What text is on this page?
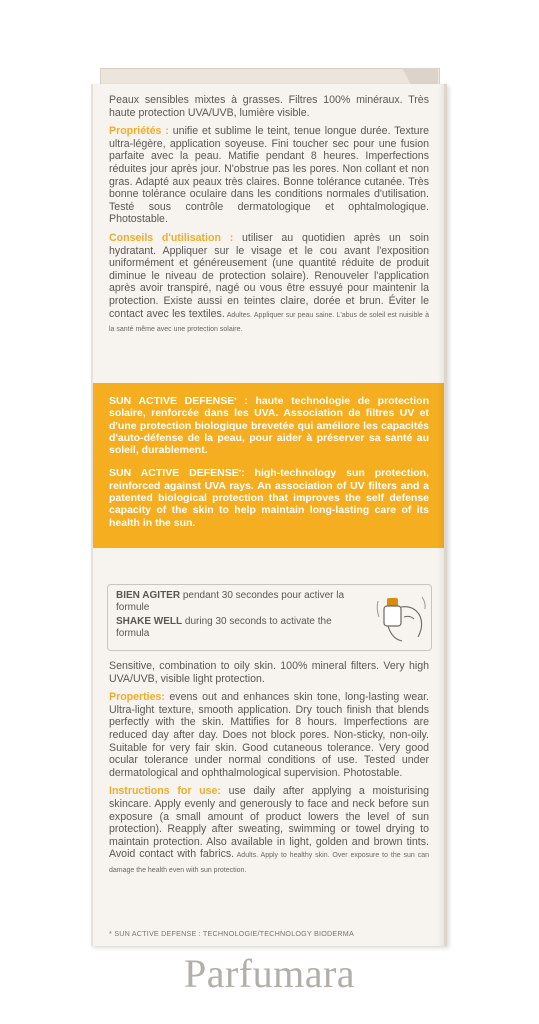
Peaux sensibles mixtes à grasses. Filtres 100% minéraux. Très haute protection UVA/UVB, lumière visible.

Propriétés : unifie et sublime le teint, tenue longue durée. Texture ultra-légère, application soyeuse. Fini toucher sec pour une fusion parfaite avec la peau. Matifie pendant 8 heures. Imperfections réduites jour après jour. N'obstrue pas les pores. Non collant et non gras. Adapté aux peaux très claires. Bonne tolérance cutanée. Très bonne tolérance oculaire dans les conditions normales d'utilisation. Testé sous contrôle dermatologique et ophtalmologique. Photostable.

Conseils d'utilisation : utiliser au quotidien après un soin hydratant. Appliquer sur le visage et le cou avant l'exposition uniformément et généreusement (une quantité réduite de produit diminue le niveau de protection solaire). Renouveler l'application après avoir transpiré, nagé ou vous être essuyé pour maintenir la protection. Existe aussi en teintes claire, dorée et brun. Éviter le contact avec les textiles. Adultes. Appliquer sur peau saine. L'abus de soleil est nuisible à la santé même avec une protection solaire.

SUN ACTIVE DEFENSE* : haute technologie de protection solaire, renforcée dans les UVA. Association de filtres UV et d'une protection biologique brevetée qui améliore les capacités d'auto-défense de la peau, pour aider à préserver sa santé au soleil, durablement.

SUN ACTIVE DEFENSE*: high-technology sun protection, reinforced against UVA rays. An association of UV filters and a patented biological protection that improves the self defense capacity of the skin to help maintain long-lasting care of its health in the sun.

BIEN AGITER pendant 30 secondes pour activer la formule

SHAKE WELL during 30 seconds to activate the formula

Sensitive, combination to oily skin. 100% mineral filters. Very high UVA/UVB, visible light protection.

Properties: evens out and enhances skin tone, long-lasting wear. Ultra-light texture, smooth application. Dry touch finish that blends perfectly with the skin. Mattifies for 8 hours. Imperfections are reduced day after day. Does not block pores. Non-sticky, non-oily. Suitable for very fair skin. Good cutaneous tolerance. Very good ocular tolerance under normal conditions of use. Tested under dermatological and ophthalmological supervision. Photostable.

Instructions for use: use daily after applying a moisturising skincare. Apply evenly and generously to face and neck before sun exposure (a small amount of product lowers the level of sun protection). Reapply after sweating, swimming or towel drying to maintain protection. Also available in light, golden and brown tints. Avoid contact with fabrics. Adults. Apply to healthy skin. Over exposure to the sun can damage the health even with sun protection.

* SUN ACTIVE DEFENSE : TECHNOLOGIE/TECHNOLOGY BIODERMA
Parfumara
